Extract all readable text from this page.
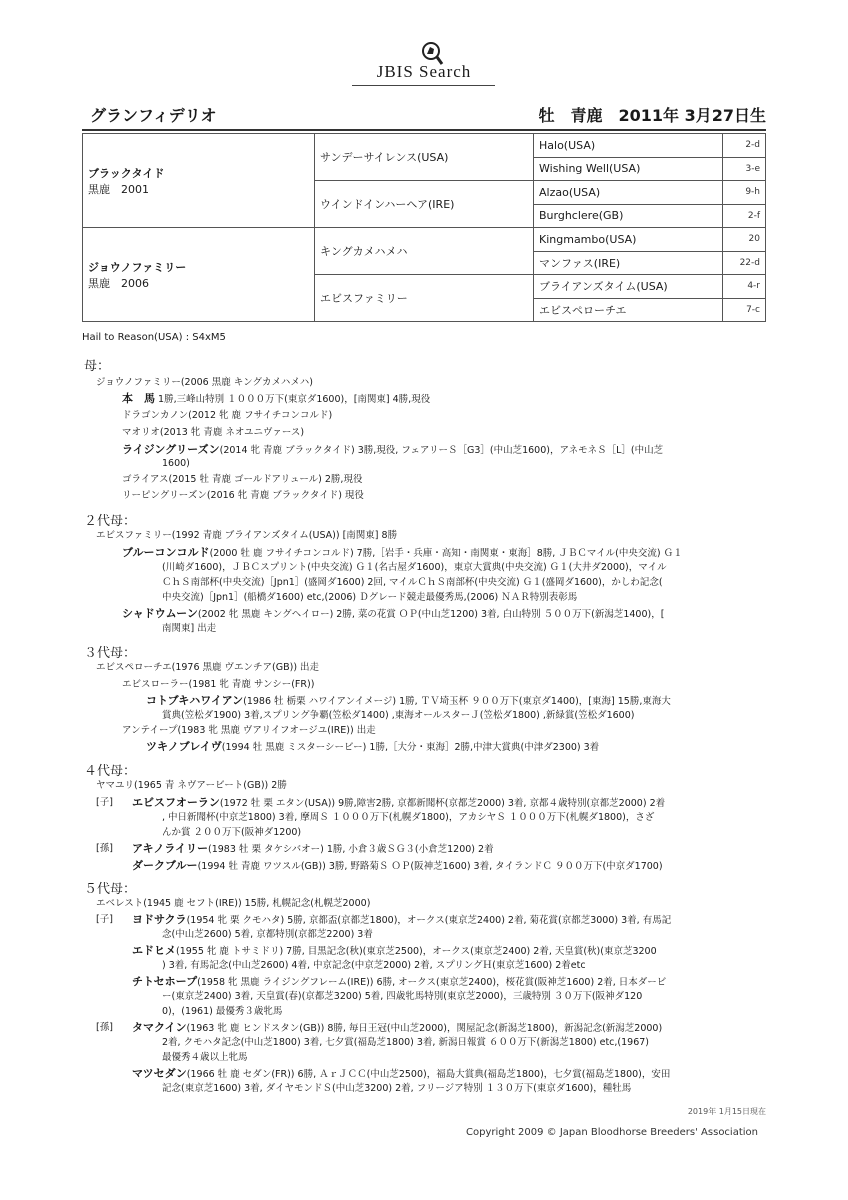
JBIS Search
グランフィデリオ	牡　青鹿　2011年 3月27日生
ブラックタイド
黒鹿　2001	サンデーサイレンス(USA)	Halo(USA)	2-d
		Wishing Well(USA)	3-e
	ウインドインハーヘア(IRE)	Alzao(USA)	9-h
		Burghclere(GB)	2-f
ジョウノファミリー
黒鹿　2006	キングカメハメハ	Kingmambo(USA)	20
		マンファス(IRE)	22-d
	エビスファミリー	ブライアンズタイム(USA)	4-r
		エビスペローチエ	7-c
Hail to Reason(USA) : S4xM5
母：
ジョウノファミリー(2006 黒鹿 キングカメハメハ)
本　馬 1勝,三峰山特別 １０００万下(東京ダ1600)，[南関東] 4勝,現役
ドラゴンカノン(2012 牝 鹿 フサイチコンコルド)
マオリオ(2013 牝 青鹿 ネオユニヴァース)
ライジングリーズン(2014 牝 青鹿 ブラックタイド) 3勝,現役, フェアリーＳ［G3］(中山芝1600)，アネモネＳ［L］(中山芝
1600)
ゴライアス(2015 牡 青鹿 ゴールドアリュール) 2勝,現役
リーピングリーズン(2016 牝 青鹿 ブラックタイド) 現役
２代母：
エビスファミリー(1992 青鹿 ブライアンズタイム(USA)) [南関東] 8勝
ブルーコンコルド(2000 牡 鹿 フサイチコンコルド) 7勝,［岩手・兵庫・高知・南関東・東海］8勝, ＪＢＣマイル(中央交流) Ｇ１
(川崎ダ1600)，ＪＢＣスプリント(中央交流) Ｇ１(名古屋ダ1600)，東京大賞典(中央交流) Ｇ１(大井ダ2000)，マイル
ＣｈＳ南部杯(中央交流)［Jpn1］(盛岡ダ1600) 2回, マイルＣｈＳ南部杯(中央交流) Ｇ１(盛岡ダ1600)，かしわ記念(
中央交流)［Jpn1］(船橋ダ1600) etc,(2006) Ｄグレード競走最優秀馬,(2006) ＮＡＲ特別表彰馬
シャドウムーン(2002 牝 黒鹿 キングヘイロー) 2勝, 菜の花賞 ＯＰ(中山芝1200) 3着, 白山特別 ５００万下(新潟芝1400)，[
南関東] 出走
３代母：
エビスペローチエ(1976 黒鹿 ヴエンチア(GB)) 出走
エビスローラー(1981 牝 青鹿 サンシー(FR))
コトブキハワイアン(1986 牡 栃栗 ハワイアンイメージ) 1勝, ＴＶ埼玉杯 ９００万下(東京ダ1400)，[東海] 15勝,東海大
賞典(笠松ダ1900) 3着,スプリング争覇(笠松ダ1400) ,東海オールスターＪ(笠松ダ1800) ,新緑賞(笠松ダ1600)
アンテイープ(1983 牝 黒鹿 ヴアリイフオージユ(IRE)) 出走
ツキノブレイヴ(1994 牡 黒鹿 ミスターシービー) 1勝,［大分・東海］2勝,中津大賞典(中津ダ2300) 3着
４代母：
ヤマユリ(1965 青 ネヴアービート(GB)) 2勝
[子] エビスフオーラン(1972 牡 栗 エタン(USA)) 9勝,障害2勝, 京都新聞杯(京都芝2000) 3着, 京都４歳特別(京都芝2000) 2着
, 中日新聞杯(中京芝1800) 3着, 摩周Ｓ １０００万下(札幌ダ1800)，アカシヤＳ １０００万下(札幌ダ1800)，さざ
んか賞 ２００万下(阪神ダ1200)
[孫] アキノライリー(1983 牡 栗 タケシバオー) 1勝, 小倉３歳ＳＧ３(小倉芝1200) 2着
ダークブルー(1994 牡 青鹿 ワツスル(GB)) 3勝, 野路菊Ｓ ＯＰ(阪神芝1600) 3着, タイランドＣ ９００万下(中京ダ1700)
５代母：
エベレスト(1945 鹿 セフト(IRE)) 15勝, 札幌記念(札幌芝2000)
[子] ヨドサクラ(1954 牝 栗 クモハタ) 5勝, 京都盃(京都芝1800)，オークス(東京芝2400) 2着, 菊花賞(京都芝3000) 3着, 有馬記
念(中山芝2600) 5着, 京都特別(京都芝2200) 3着
エドヒメ(1955 牝 鹿 トサミドリ) 7勝, 目黒記念(秋)(東京芝2500)，オークス(東京芝2400) 2着, 天皇賞(秋)(東京芝3200
) 3着, 有馬記念(中山芝2600) 4着, 中京記念(中京芝2000) 2着, スプリングＨ(東京芝1600) 2着etc
チトセホープ(1958 牝 黒鹿 ライジングフレーム(IRE)) 6勝, オークス(東京芝2400)，桜花賞(阪神芝1600) 2着, 日本ダービ
ー(東京芝2400) 3着, 天皇賞(春)(京都芝3200) 5着, 四歳牝馬特別(東京芝2000)，三歳特別 ３０万下(阪神ダ120
0)，(1961) 最優秀３歳牝馬
[孫] タマクイン(1963 牝 鹿 ヒンドスタン(GB)) 8勝, 毎日王冠(中山芝2000)，関屋記念(新潟芝1800)，新潟記念(新潟芝2000)
2着, クモハタ記念(中山芝1800) 3着, 七夕賞(福島芝1800) 3着, 新潟日報賞 ６００万下(新潟芝1800) etc,(1967)
最優秀４歳以上牝馬
マツセダン(1966 牡 鹿 セダン(FR)) 6勝, ＡｒＪＣＣ(中山芝2500)，福島大賞典(福島芝1800)，七夕賞(福島芝1800)，安田
記念(東京芝1600) 3着, ダイヤモンドＳ(中山芝3200) 2着, フリージア特別 １３０万下(東京ダ1600)，種牡馬
2019年 1月15日現在
Copyright 2009 © Japan Bloodhorse Breeders' Association
